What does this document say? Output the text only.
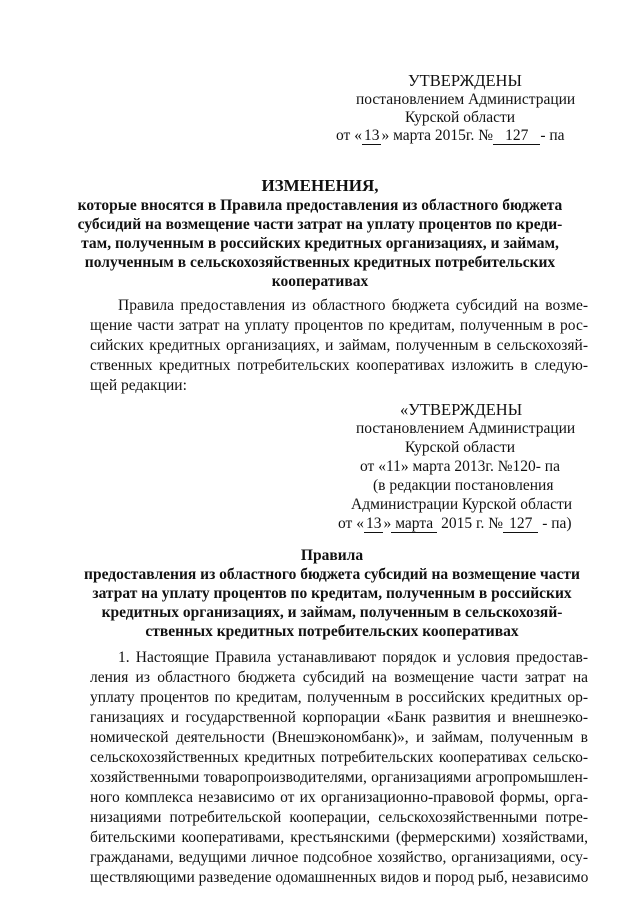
УТВЕРЖДЕНЫ
постановлением Администрации
Курской области
от « 13 » марта 2015г. № 127 - па
ИЗМЕНЕНИЯ,
которые вносятся в Правила предоставления из областного бюджета
субсидий на возмещение части затрат на уплату процентов по креди-
там, полученным в российских кредитных организациях, и займам,
полученным в сельскохозяйственных кредитных потребительских
кооперативах
Правила предоставления из областного бюджета субсидий на возме-
щение части затрат на уплату процентов по кредитам, полученным в рос-
сийских кредитных организациях, и займам, полученным в сельскохозяй-
ственных кредитных потребительских кооперативах изложить в следую-
щей редакции:
«УТВЕРЖДЕНЫ
постановлением Администрации
Курской области
от «11» марта 2013г. №120- па
(в редакции постановления
Администрации Курской области
от « 13 » марта 2015 г. № 127 - па)
Правила
предоставления из областного бюджета субсидий на возмещение части
затрат на уплату процентов по кредитам, полученным в российских
кредитных организациях, и займам, полученным в сельскохозяй-
ственных кредитных потребительских кооперативах
1. Настоящие Правила устанавливают порядок и условия предостав-
ления из областного бюджета субсидий на возмещение части затрат на
уплату процентов по кредитам, полученным в российских кредитных ор-
ганизациях и государственной корпорации «Банк развития и внешнеэко-
номической деятельности (Внешэкономбанк)», и займам, полученным в
сельскохозяйственных кредитных потребительских кооперативах сельско-
хозяйственными товаропроизводителями, организациями агропромышлен-
ного комплекса независимо от их организационно-правовой формы, орга-
низациями потребительской кооперации, сельскохозяйственными потре-
бительскими кооперативами, крестьянскими (фермерскими) хозяйствами,
гражданами, ведущими личное подсобное хозяйство, организациями, осу-
ществляющими разведение одомашненных видов и пород рыб, независимо
